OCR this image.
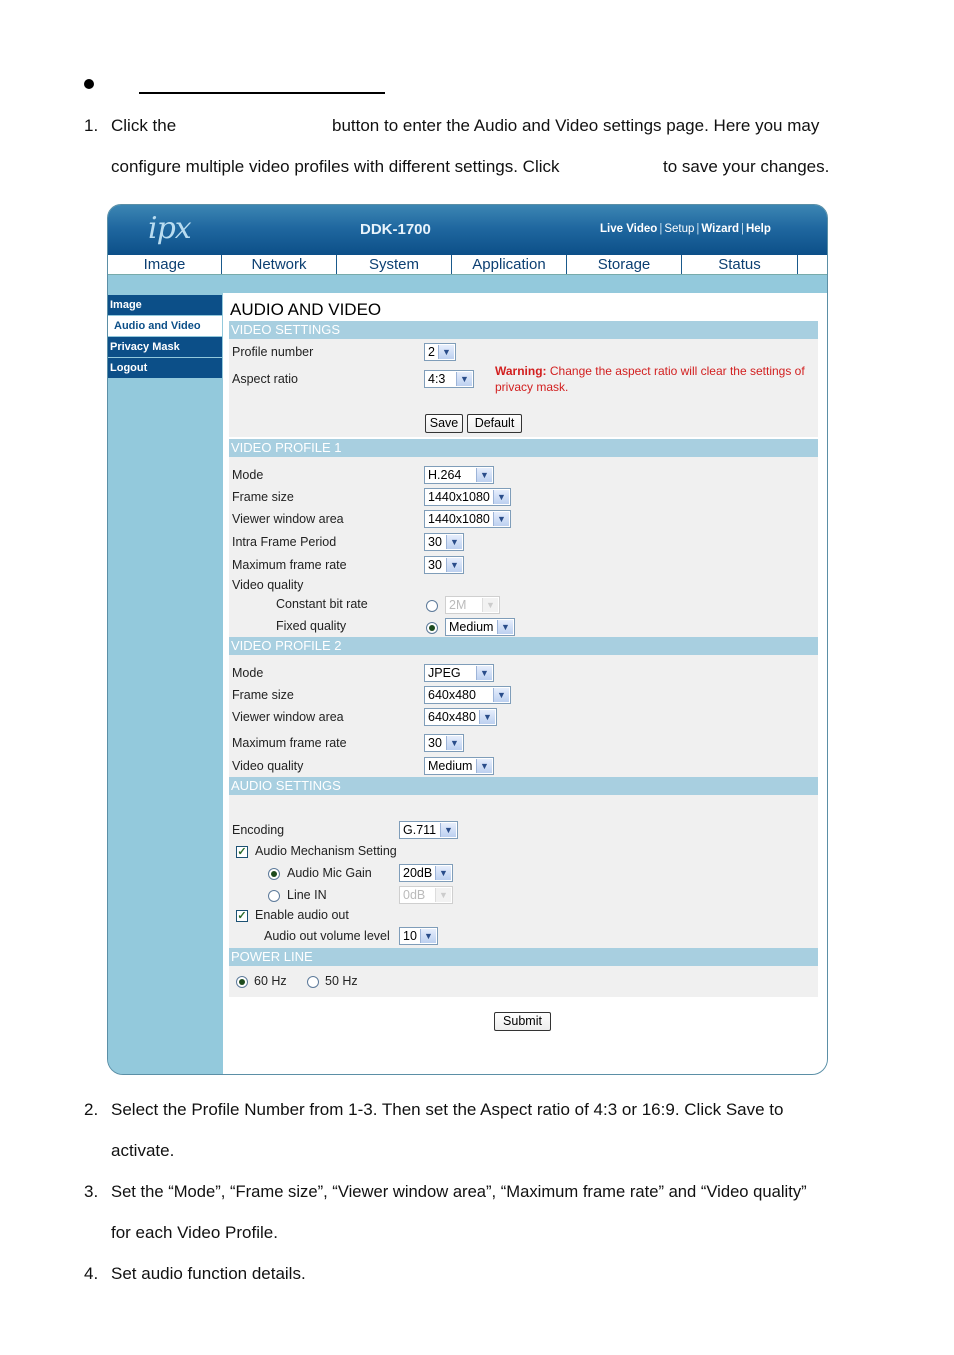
1. Click the	button to enter the Audio and Video settings page. Here you may
configure multiple video profiles with different settings. Click	to save your changes.
ipx	DDK-1700	Live Video | Setup | Wizard | Help
Image	Network	System	Application	Storage	Status
Image
Audio and Video
Privacy Mask
Logout
AUDIO AND VIDEO
VIDEO SETTINGS
Profile number	2 ▼
Aspect ratio	4:3	▼
Warning: Change the aspect ratio will clear the settings of privacy mask.
Save	Default
VIDEO PROFILE 1
Mode	H.264	▼
Frame size	1440x1080 ▼
Viewer window area	1440x1080 ▼
Intra Frame Period	30 ▼
Maximum frame rate	30 ▼
Video quality
Constant bit rate	2M	▼
Fixed quality	Medium ▼
VIDEO PROFILE 2
Mode	JPEG	▼
Frame size	640x480	▼
Viewer window area	640x480 ▼
Maximum frame rate	30 ▼
Video quality	Medium ▼
AUDIO SETTINGS
Encoding	G.711 ▼
✓ Audio Mechanism Setting
Audio Mic Gain	20dB ▼
Line IN	0dB	▼
✓ Enable audio out
Audio out volume level	10 ▼
POWER LINE
60 Hz	50 Hz
Submit
2. Select the Profile Number from 1-3. Then set the Aspect ratio of 4:3 or 16:9. Click Save to
activate.
3. Set the “Mode”, “Frame size”, “Viewer window area”, “Maximum frame rate” and “Video quality”
for each Video Profile.
4. Set audio function details.
